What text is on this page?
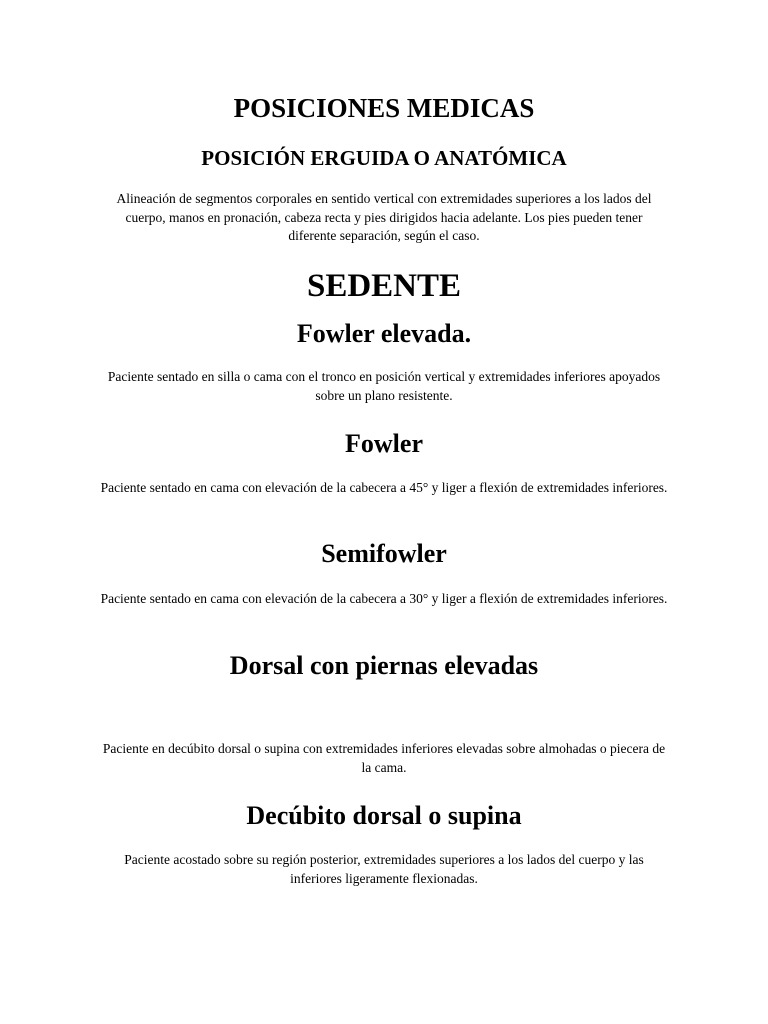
POSICIONES MEDICAS
POSICIÓN ERGUIDA O ANATÓMICA

Alineación de segmentos corporales en sentido vertical con extremidades superiores a los lados del cuerpo, manos en pronación, cabeza recta y pies dirigidos hacia adelante. Los pies pueden tener diferente separación, según el caso.

SEDENTE
Fowler elevada.

Paciente sentado en silla o cama con el tronco en posición vertical y extremidades inferiores apoyados sobre un plano resistente.

Fowler

Paciente sentado en cama con elevación de la cabecera a 45° y liger a flexión de extremidades inferiores.

Semifowler

Paciente sentado en cama con elevación de la cabecera a 30° y liger a flexión de extremidades inferiores.

Dorsal con piernas elevadas

Paciente en decúbito dorsal o supina con extremidades inferiores elevadas sobre almohadas o piecera de la cama.

Decúbito dorsal o supina

Paciente acostado sobre su región posterior, extremidades superiores a los lados del cuerpo y las inferiores ligeramente flexionadas.
